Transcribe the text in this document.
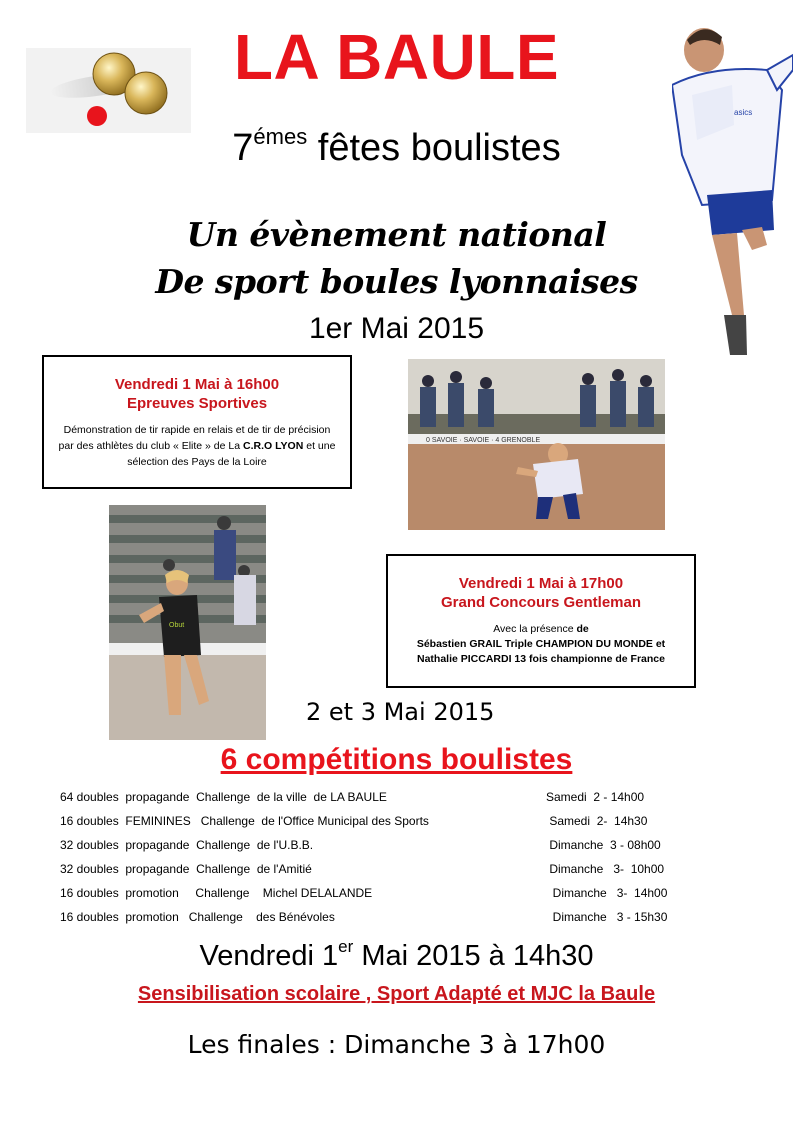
LA BAULE
$7^{émes}$ fêtes boulistes
Un évènement national
De sport boules lyonnaises
1er Mai 2015
Vendredi 1 Mai à 16h00
Epreuves Sportives
Démonstration de tir rapide en relais et de tir de précision par des athlètes du club « Elite » de La C.R.O LYON et une sélection des Pays de la Loire
0 SAVOIE · SAVOIE · 4 GRENOBLE
asics
Obut
Vendredi 1 Mai à 17h00
Grand Concours Gentleman
Avec la présence de
Sébastien GRAIL Triple CHAMPION DU MONDE et
Nathalie PICCARDI 13 fois championne de France
2 et 3 Mai 2015
6 compétitions boulistes
64 doubles  propagande  Challenge  de la ville  de LA BAULE	Samedi  2 - 14h00
16 doubles  FEMININES   Challenge  de l'Office Municipal des Sports	Samedi  2-  14h30
32 doubles  propagande  Challenge  de l'U.B.B.	Dimanche  3 - 08h00
32 doubles  propagande  Challenge  de l'Amitié	Dimanche   3-  10h00
16 doubles  promotion     Challenge    Michel DELALANDE	Dimanche   3-  14h00
16 doubles  promotion   Challenge    des Bénévoles	Dimanche   3 - 15h30
Vendredi 1er Mai 2015 à 14h30
Sensibilisation scolaire , Sport Adapté et MJC la Baule
Les finales : Dimanche 3 à 17h00
